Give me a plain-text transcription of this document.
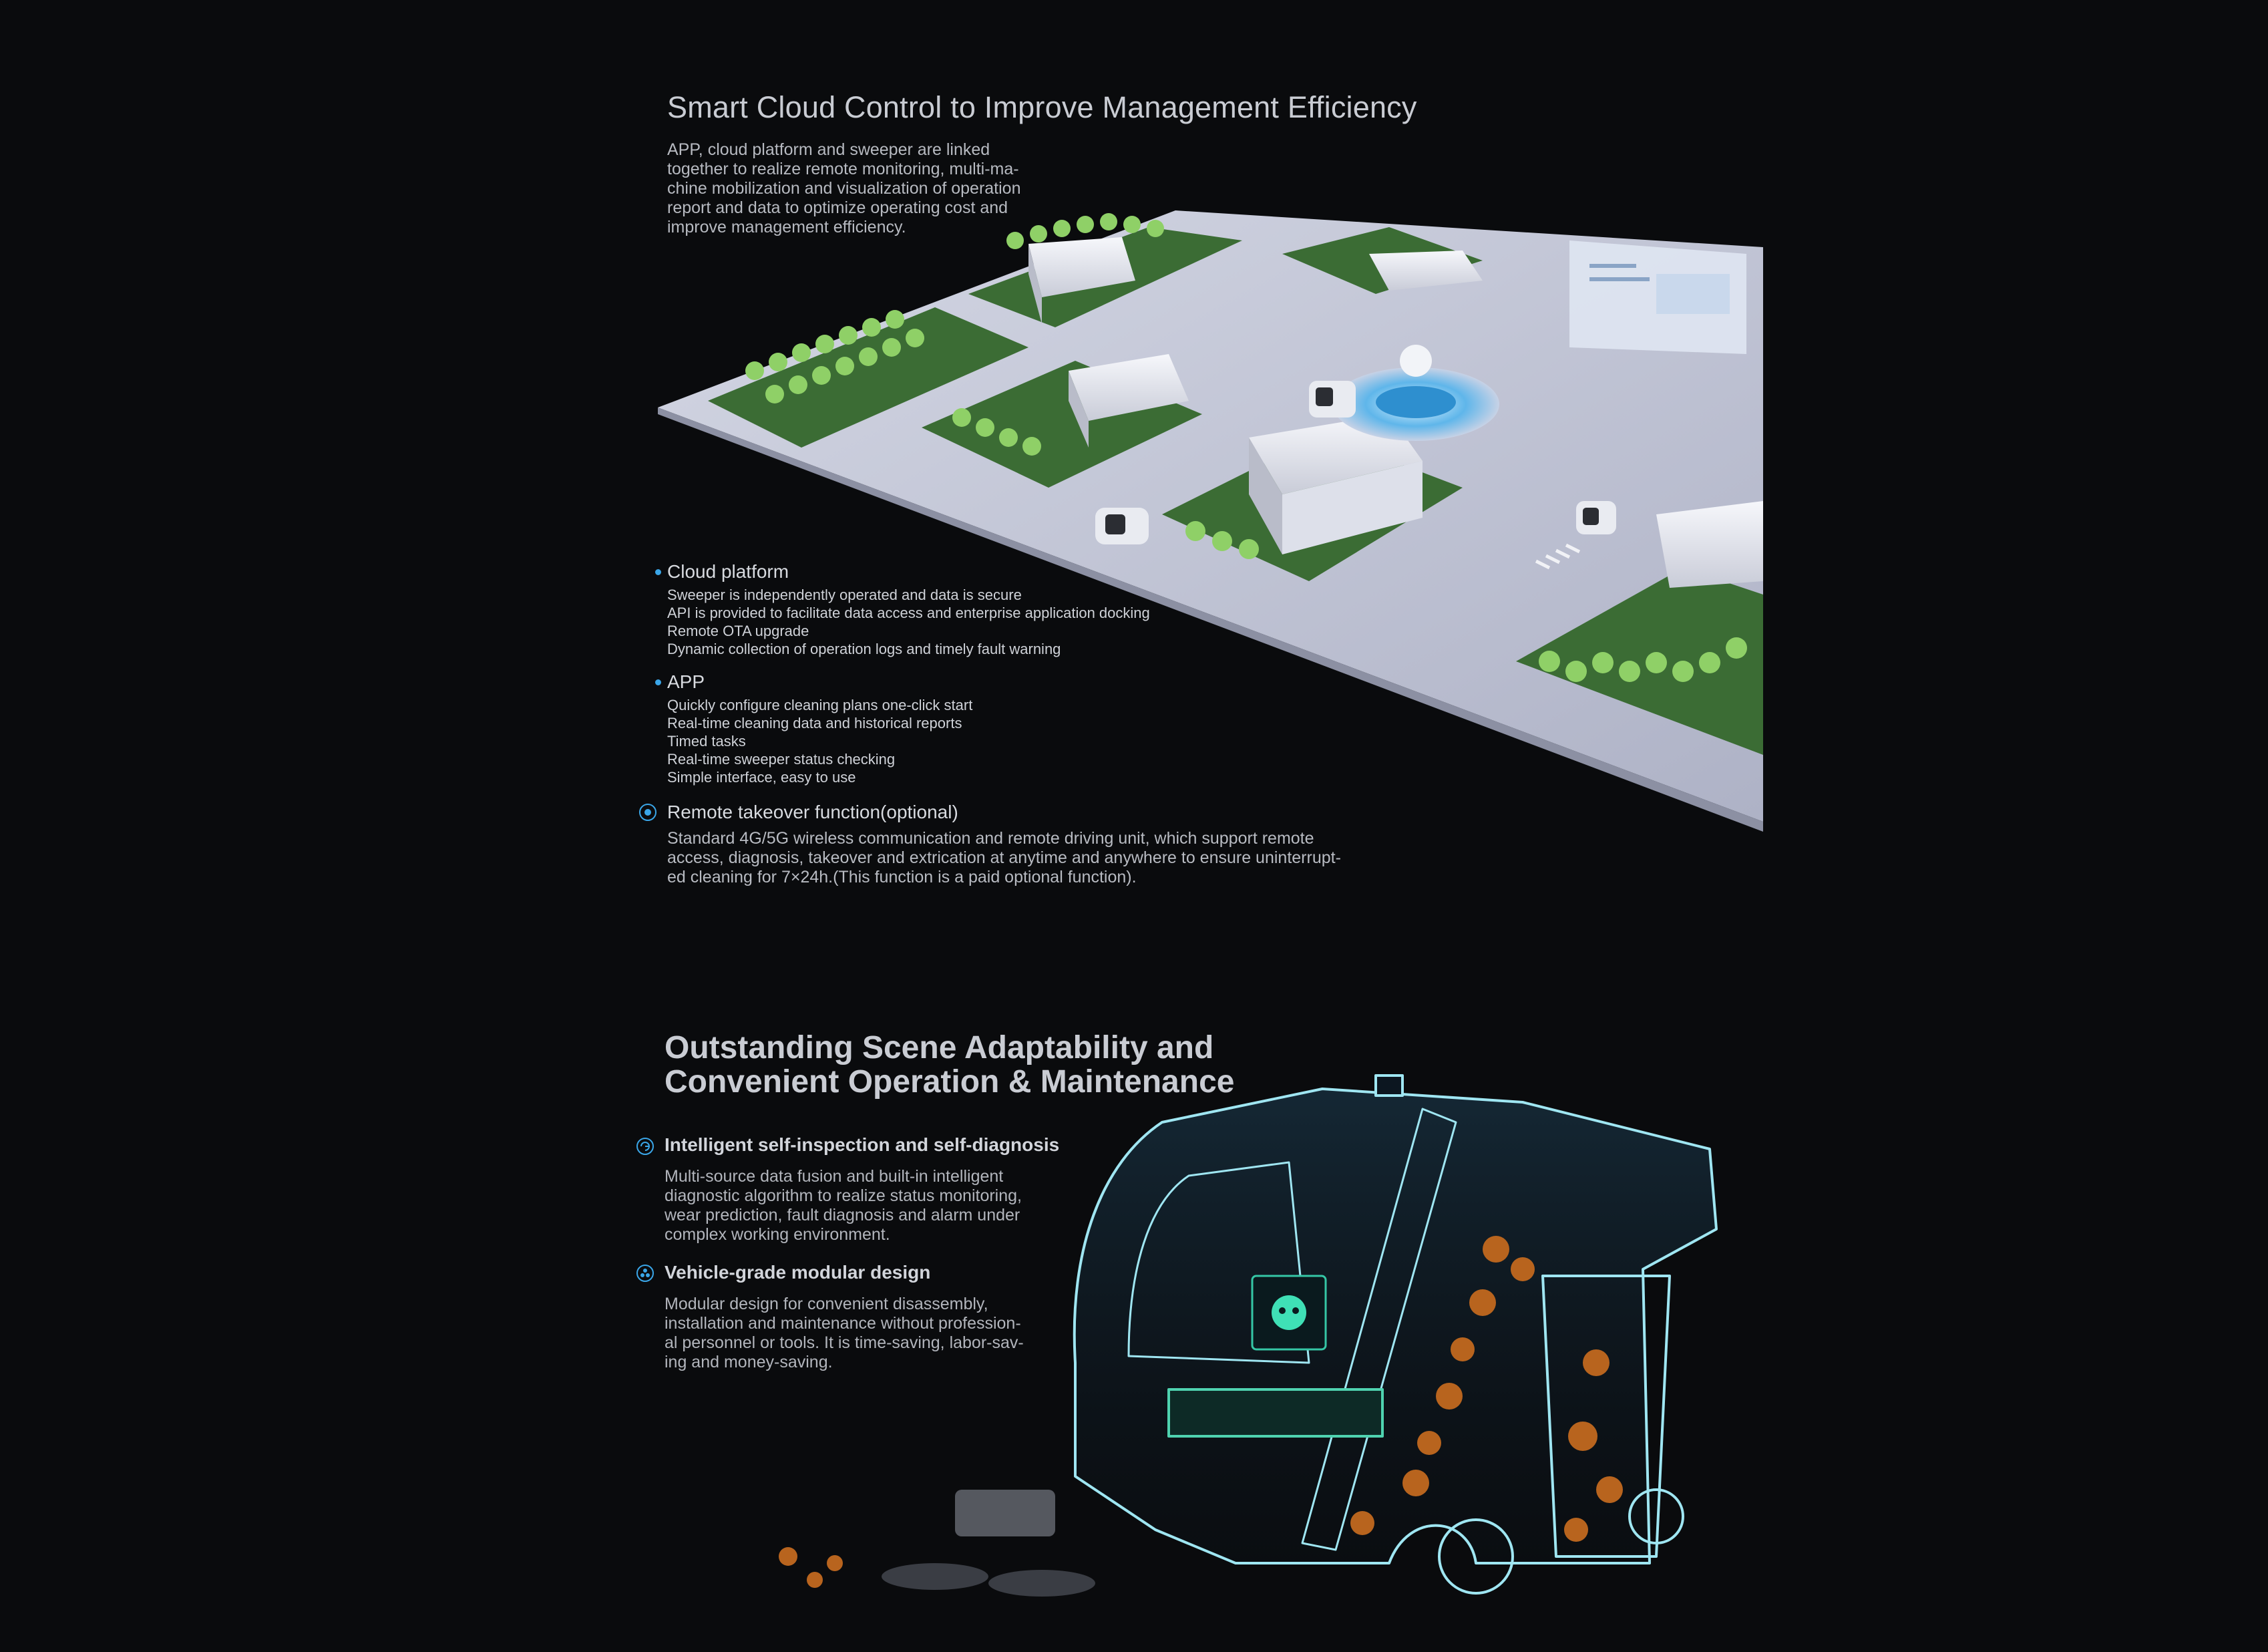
Smart Cloud Control to Improve Management Efficiency
APP, cloud platform and sweeper are linked
together to realize remote monitoring, multi-ma-
chine mobilization and visualization of operation
report and data to optimize operating cost and
improve management efficiency.
Cloud platform
Sweeper is independently operated and data is secure
API is provided to facilitate data access and enterprise application docking
Remote OTA upgrade
Dynamic collection of operation logs and timely fault warning
APP
Quickly configure cleaning plans one-click start
Real-time cleaning data and historical reports
Timed tasks
Real-time sweeper status checking
Simple interface, easy to use
Remote takeover function(optional)
Standard 4G/5G wireless communication and remote driving unit, which support remote
access, diagnosis, takeover and extrication at anytime and anywhere to ensure uninterrupt-
ed cleaning for 7×24h.(This function is a paid optional function).
Outstanding Scene Adaptability and
Convenient Operation & Maintenance
Intelligent self-inspection and self-diagnosis
Multi-source data fusion and built-in intelligent
diagnostic algorithm to realize status monitoring,
wear prediction, fault diagnosis and alarm under
complex working environment.
Vehicle-grade modular design
Modular design for convenient disassembly,
installation and maintenance without profession-
al personnel or tools. It is time-saving, labor-sav-
ing and money-saving.
